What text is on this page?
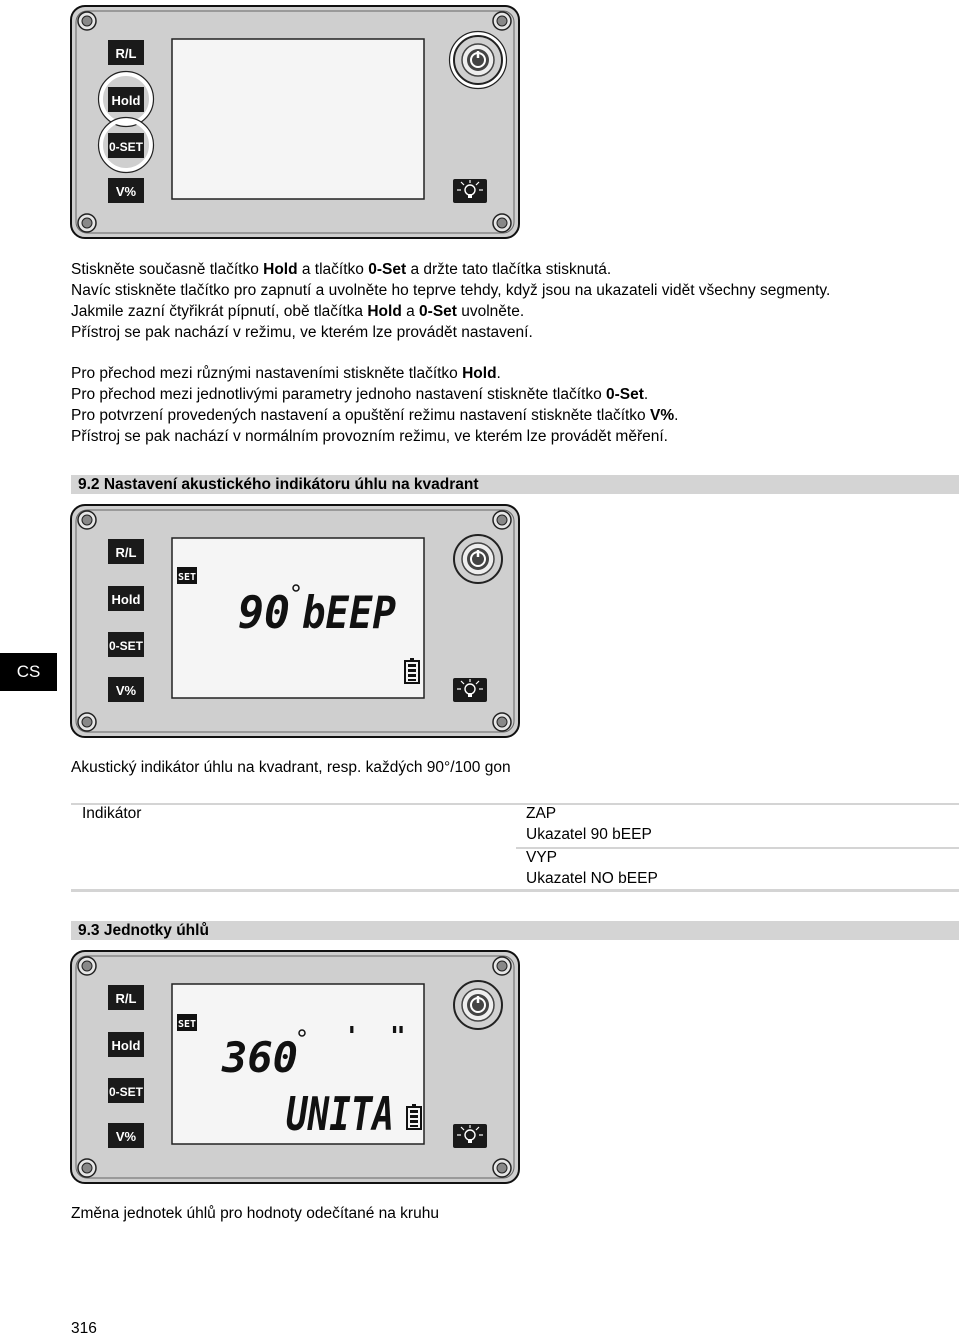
R/L
Hold
0-SET
V%

Stiskněte současně tlačítko Hold a tlačítko 0-Set a držte tato tlačítka stisknutá.

Navíc stiskněte tlačítko pro zapnutí a uvolněte ho teprve tehdy, když jsou na ukazateli vidět všechny segmenty.

Jakmile zazní čtyřikrát pípnutí, obě tlačítka Hold a 0-Set uvolněte.

Přístroj se pak nachází v režimu, ve kterém lze provádět nastavení.

Pro přechod mezi různými nastaveními stiskněte tlačítko Hold.

Pro přechod mezi jednotlivými parametry jednoho nastavení stiskněte tlačítko 0-Set.

Pro potvrzení provedených nastavení a opuštění režimu nastavení stiskněte tlačítko V%.

Přístroj se pak nachází v normálním provozním režimu, ve kterém lze provádět měření.

9.2 Nastavení akustického indikátoru úhlu na kvadrant
SET
90 bEEP
R/L
Hold
0-SET
V%
CS
Akustický indikátor úhlu na kvadrant, resp. každých 90°/100 gon
Indikátor	ZAP
Ukazatel 90 bEEP
VYP
Ukazatel NO bEEP
9.3 Jednotky úhlů
SET
360 ' "
UNITA
R/L
Hold
0-SET
V%
Změna jednotek úhlů pro hodnoty odečítané na kruhu
316
